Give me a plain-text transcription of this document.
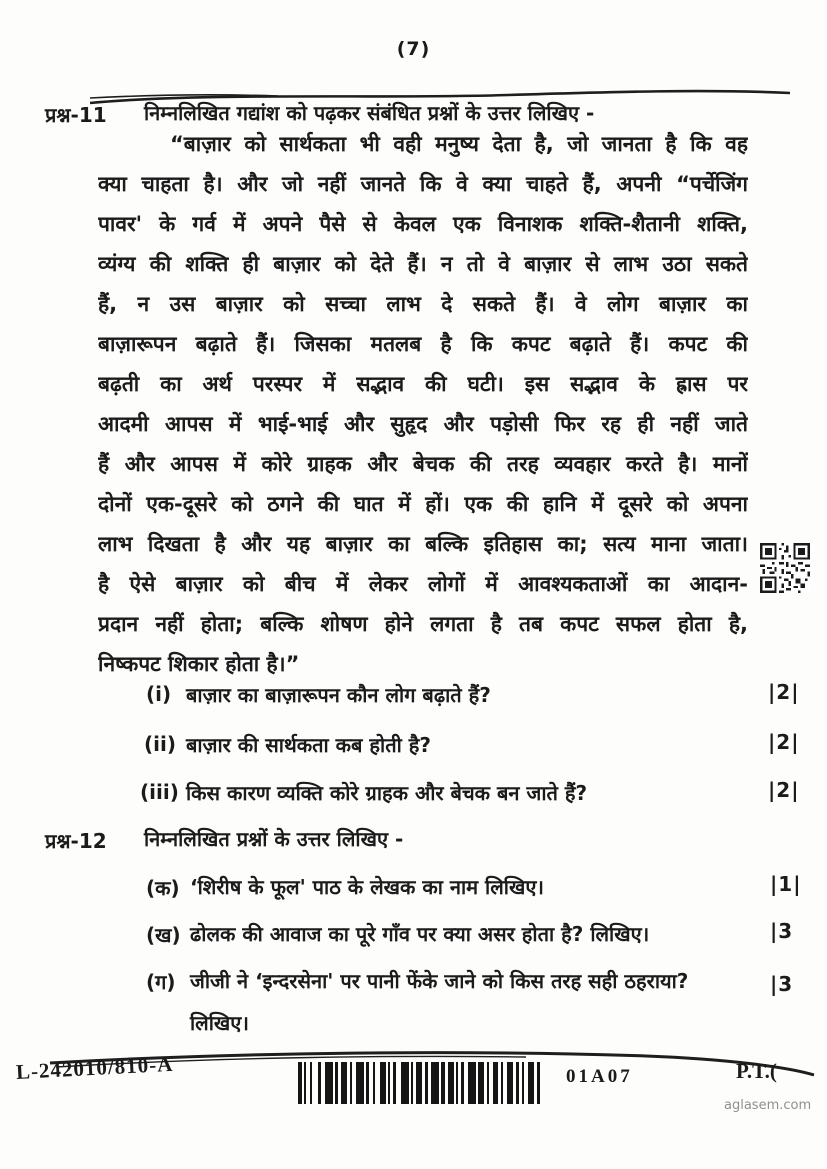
(7)
प्रश्न-11 निम्नलिखित गद्यांश को पढ़कर संबंधित प्रश्नों के उत्तर लिखिए -
“बाज़ार को सार्थकता भी वही मनुष्य देता है, जो जानता है कि वह
क्या चाहता है। और जो नहीं जानते कि वे क्या चाहते हैं, अपनी “पर्चेजिंग
पावर' के गर्व में अपने पैसे से केवल एक विनाशक शक्ति-शैतानी शक्ति,
व्यंग्य की शक्ति ही बाज़ार को देते हैं। न तो वे बाज़ार से लाभ उठा सकते
हैं, न उस बाज़ार को सच्चा लाभ दे सकते हैं। वे लोग बाज़ार का
बाज़ारूपन बढ़ाते हैं। जिसका मतलब है कि कपट बढ़ाते हैं। कपट की
बढ़ती का अर्थ परस्पर में सद्भाव की घटी। इस सद्भाव के ह्रास पर
आदमी आपस में भाई-भाई और सुहृद और पड़ोसी फिर रह ही नहीं जाते
हैं और आपस में कोरे ग्राहक और बेचक की तरह व्यवहार करते है। मानों
दोनों एक-दूसरे को ठगने की घात में हों। एक की हानि में दूसरे को अपना
लाभ दिखता है और यह बाज़ार का बल्कि इतिहास का; सत्य माना जाता।
है ऐसे बाज़ार को बीच में लेकर लोगों में आवश्यकताओं का आदान-
प्रदान नहीं होता; बल्कि शोषण होने लगता है तब कपट सफल होता है,
निष्कपट शिकार होता है।”
(i) बाज़ार का बाज़ारूपन कौन लोग बढ़ाते हैं?	|2|
(ii) बाज़ार की सार्थकता कब होती है?	|2|
(iii) किस कारण व्यक्ति कोरे ग्राहक और बेचक बन जाते हैं?	|2|
प्रश्न-12 निम्नलिखित प्रश्नों के उत्तर लिखिए -
(क) ‘शिरीष के फूल' पाठ के लेखक का नाम लिखिए।	|1|
(ख) ढोलक की आवाज का पूरे गाँव पर क्या असर होता है? लिखिए।	|3
(ग) जीजी ने ‘इन्दरसेना' पर पानी फेंके जाने को किस तरह सही ठहराया? लिखिए।
|3
L-242010/810-A	01A07	P.T.(
aglasem.com
